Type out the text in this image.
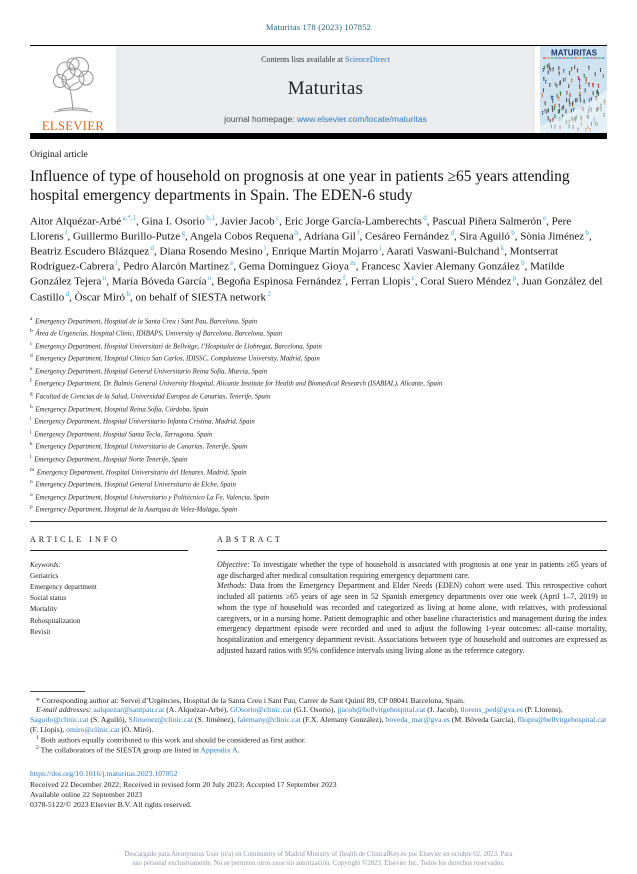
Maturitas 178 (2023) 107852
ELSEVIER
Contents lists available at ScienceDirect
Maturitas
journal homepage: www.elsevier.com/locate/maturitas
MATURITAS
Original article
Influence of type of household on prognosis at one year in patients ≥65 years attending hospital emergency departments in Spain. The EDEN-6 study

Aitor Alquézar-Arbé $^{a,*,1}$, Gina I. Osorio $^{b,1}$, Javier Jacob $^c$, Eric Jorge García-Lamberechts $^d$, Pascual Piñera Salmerón $^e$, Pere Llorens $^f$, Guillermo Burillo-Putze $^g$, Angela Cobos Requena $^h$, Adriana Gil $^f$, Cesáreo Fernández $^d$, Sira Aguiló $^b$, Sònia Jiménez $^b$, Beatriz Escudero Blázquez $^d$, Diana Rosendo Mesino $^i$, Enrique Martín Mojarro $^j$, Aarati Vaswani-Bulchand $^k$, Montserrat Rodríguez-Cabrera $^l$, Pedro Alarcón Martínez $^e$, Gema Dominguez Gioya $^m$, Francesc Xavier Alemany González $^b$, Matilde González Tejera $^n$, María Bóveda García $^o$, Begoña Espinosa Fernández $^f$, Ferran Llopis $^c$, Coral Suero Méndez $^p$, Juan González del Castillo $^d$, Òscar Miró $^b$, on behalf of SIESTA network $^2$

$^a$ Emergency Department, Hospital de la Santa Creu i Sant Pau, Barcelona, Spain
$^b$ Área de Urgencias, Hospital Clínic, IDIBAPS, University of Barcelona, Barcelona, Spain
$^c$ Emergency Department, Hospital Universitari de Bellvitge, l’Hospitalet de Llobregat, Barcelona, Spain
$^d$ Emergency Department, Hospital Clínico San Carlos, IDISSC, Complutense University, Madrid, Spain
$^e$ Emergency Department, Hospital General Universitario Reina Sofía, Murcia, Spain
$^f$ Emergency Department, Dr. Balmis General University Hospital, Alicante Institute for Health and Biomedical Research (ISABIAL), Alicante, Spain
$^g$ Facultad de Ciencias de la Salud, Universidad Europea de Canarias, Tenerife, Spain
$^h$ Emergency Department, Hospital Reina Sofía, Córdoba, Spain
$^i$ Emergency Department, Hospital Universitario Infanta Cristina, Madrid, Spain
$^j$ Emergency Department, Hospital Santa Tecla, Tarragona, Spain
$^k$ Emergency Department, Hospital Universitario de Canarias, Tenerife, Spain
$^l$ Emergency Department, Hospital Norte Tenerife, Spain
$^m$ Emergency Department, Hospital Universitario del Henares, Madrid, Spain
$^n$ Emergency Department, Hospital General Universitario de Elche, Spain
$^o$ Emergency Department, Hospital Universitario y Politécnico La Fe, Valencia, Spain
$^p$ Emergency Department, Hospital de la Axarquía de Velez-Malaga, Spain
ARTICLE INFO
Keywords:
Geriatrics
Emergency department
Social status
Mortality
Rehospitalization
Revisit
ABSTRACT
Objective: To investigate whether the type of household is associated with prognosis at one year in patients ≥65 years of age discharged after medical consultation requiring emergency department care.
Methods: Data from the Emergency Department and Elder Needs (EDEN) cohort were used. This retrospective cohort included all patients ≥65 years of age seen in 52 Spanish emergency departments over one week (April 1–7, 2019) in whom the type of household was recorded and categorized as living at home alone, with relatives, with professional caregivers, or in a nursing home. Patient demographic and other baseline characteristics and management during the index emergency department episode were recorded and used to adjust the following 1-year outcomes: all-cause mortality, hospitalization and emergency department revisit. Associations between type of household and outcomes are expressed as adjusted hazard ratios with 95% confidence intervals using living alone as the reference category.

* Corresponding author at: Servei d’Urgències, Hospital de la Santa Creu i Sant Pau, Carrer de Sant Quintí 89, CP 08041 Barcelona, Spain.

E-mail addresses: aalquezar@santpau.cat (A. Alquézar-Arbé), GOsorio@clinic.cat (G.I. Osorio), jjacob@bellvitgehospital.cat (J. Jacob), llorens_ped@gva.es (P. Llorens), Saguilo@clinic.cat (S. Aguiló), SJimenez@clinic.cat (S. Jiménez), falemany@clinic.cat (F.X. Alemany González), boveda_mar@gva.es (M. Bóveda García), fllopis@bellvitgehospital.cat (F. Llopis), omiro@clinic.cat (Ò. Miró).

$^1$ Both authors equally contributed to this work and should be considered as first author.

$^2$ The collaborators of the SIESTA group are listed in Appendix A.

https://doi.org/10.1016/j.maturitas.2023.107852
Received 22 December 2022; Received in revised form 20 July 2023; Accepted 17 September 2023
Available online 22 September 2023
0378-5122/© 2023 Elsevier B.V. All rights reserved.
Descargado para Anonymous User (n/a) en Community of Madrid Ministry of Health de ClinicalKey.es por Elsevier en octubre 02, 2023. Para
uso personal exclusivamente. No se permiten otros usos sin autorización. Copyright ©2023. Elsevier Inc. Todos los derechos reservados.
